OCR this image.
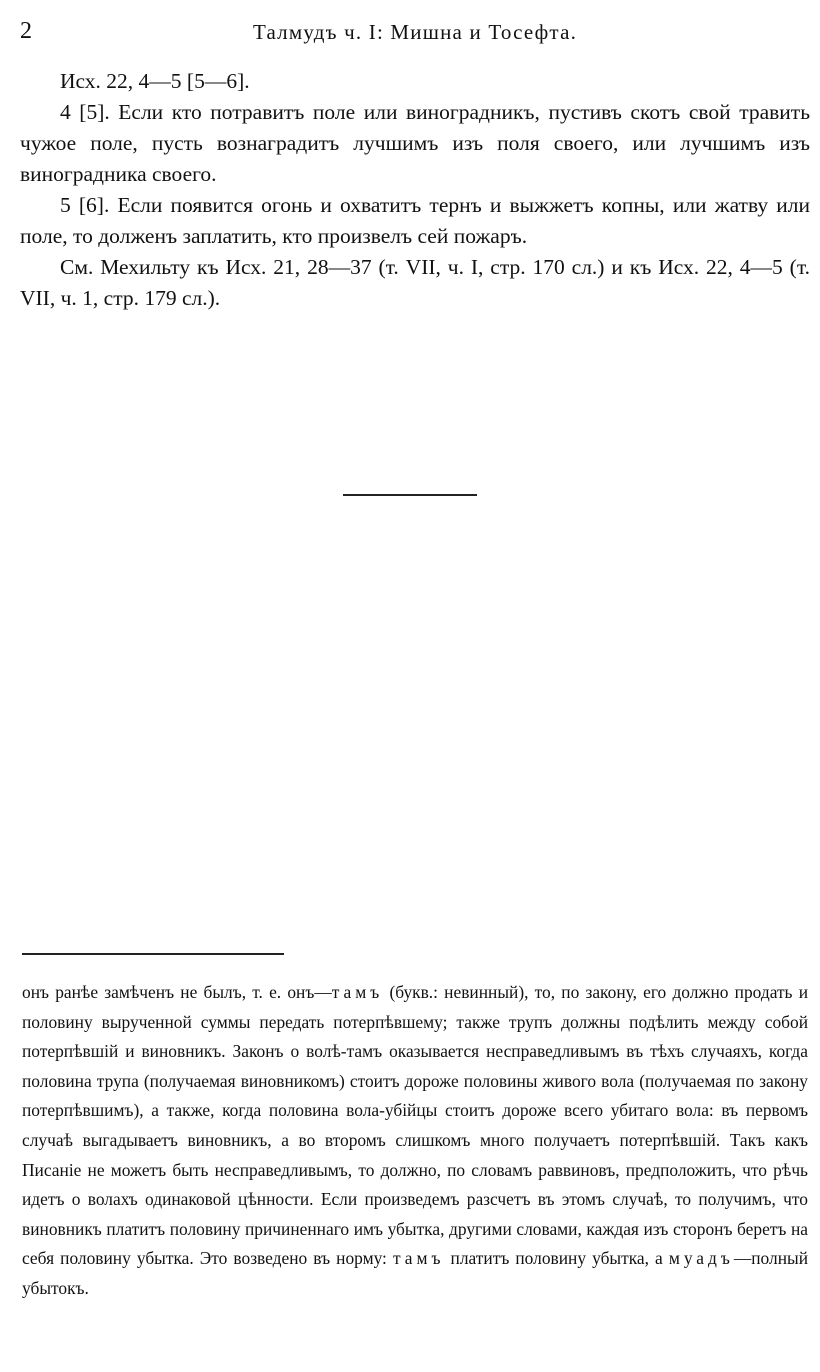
2	Талмудъ ч. I: Мишна и Тосефта.

Исх. 22, 4—5 [5—6].

4 [5]. Если кто потравитъ поле или виноградникъ, пустивъ скотъ свой травить чужое поле, пусть вознаградитъ лучшимъ изъ поля своего, или лучшимъ изъ виноградника своего.

5 [6]. Если появится огонь и охватитъ тернъ и выжжетъ копны, или жатву или поле, то долженъ заплатить, кто произвелъ сей пожаръ.

См. Мехильту къ Исх. 21, 28—37 (т. VII, ч. I, стр. 170 сл.) и къ Исх. 22, 4—5 (т. VII, ч. 1, стр. 179 сл.).

онъ ранѣе замѣченъ не былъ, т. е. онъ—тамъ (букв.: невинный), то, по закону, его должно продать и половину вырученной суммы передать потерпѣвшему; также трупъ должны подѣлить между собой потерпѣвшій и виновникъ. Законъ о волѣ-тамъ оказывается несправедливымъ въ тѣхъ случаяхъ, когда половина трупа (получаемая виновникомъ) стоитъ дороже половины живого вола (получаемая по закону потерпѣвшимъ), а также, когда половина вола-убійцы стоитъ дороже всего убитаго вола: въ первомъ случаѣ выгадываетъ виновникъ, а во второмъ слишкомъ много получаетъ потерпѣвшій. Такъ какъ Писаніе не можетъ быть несправедливымъ, то должно, по словамъ раввиновъ, предположить, что рѣчь идетъ о волахъ одинаковой цѣнности. Если произведемъ разсчетъ въ этомъ случаѣ, то получимъ, что виновникъ платитъ половину причиненнаго имъ убытка, другими словами, каждая изъ сторонъ беретъ на себя половину убытка. Это возведено въ норму: тамъ платитъ половину убытка, а муадъ—полный убытокъ.
